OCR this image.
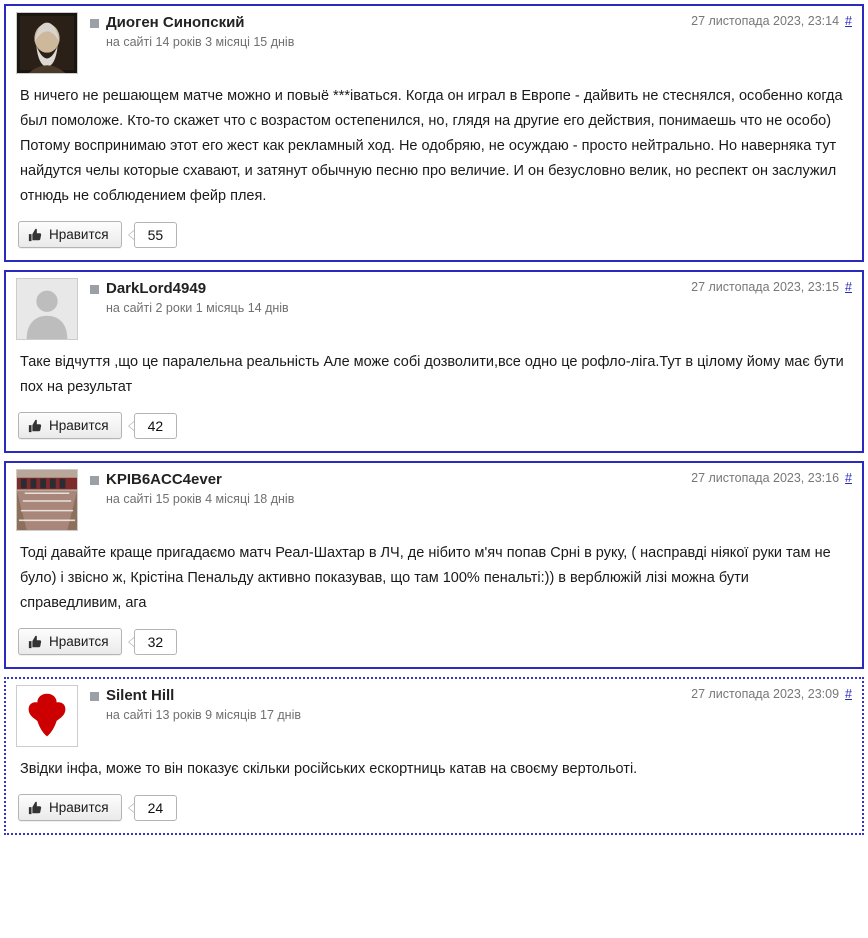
Диоген Синопский
на сайті 14 років 3 місяці 15 днів
27 листопада 2023, 23:14 #
В ничего не решающем матче можно и повыё ***іваться. Когда он играл в Европе - дайвить не стеснялся, особенно когда был помоложе. Кто-то скажет что с возрастом остепенился, но, глядя на другие его действия, понимаешь что не особо) Потому воспринимаю этот его жест как рекламный ход. Не одобряю, не осуждаю - просто нейтрально. Но наверняка тут найдутся челы которые схавают, и затянут обычную песню про величие. И он безусловно велик, но респект он заслужил отнюдь не соблюдением фейр плея.
Нравится	55
DarkLord4949
на сайті 2 роки 1 місяць 14 днів
27 листопада 2023, 23:15 #
Таке відчуття ,що це паралельна реальність Але може собі дозволити,все одно це рофло-ліга.Тут в цілому йому має бути пох на результат
Нравится	42
KPIB6ACC4ever
на сайті 15 років 4 місяці 18 днів
27 листопада 2023, 23:16 #
Тоді давайте краще пригадаємо матч Реал-Шахтар в ЛЧ, де нібито м'яч попав Срні в руку, ( насправді ніякої руки там не було) і звісно ж, Крістіна Пенальду активно показував, що там 100% пенальті:)) в верблюжій лізі можна бути справедливим, ага
Нравится	32
Silent Hill
на сайті 13 років 9 місяців 17 днів
27 листопада 2023, 23:09 #
Звідки інфа, може то він показує скільки російських ескортниць катав на своєму вертольоті.
Нравится	24
